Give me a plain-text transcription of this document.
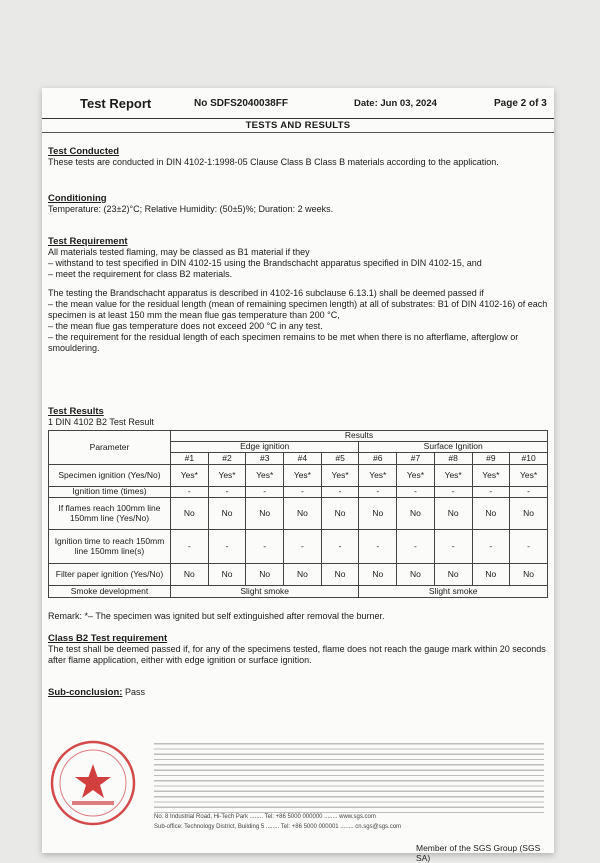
Test Report	No SDFS2040038FF	Date: Jun 03, 2024	Page 2 of 3
TESTS AND RESULTS
Test Conducted

These tests are conducted in DIN 4102-1:1998-05 Clause Class B Class B materials according to the application.

Conditioning

Temperature: (23±2)°C; Relative Humidity: (50±5)%; Duration: 2 weeks.

Test Requirement

All materials tested flaming, may be classed as B1 material if they

– withstand to test specified in DIN 4102-15 using the Brandschacht apparatus specified in DIN 4102-15, and

– meet the requirement for class B2 materials.

The testing the Brandschacht apparatus is described in 4102-16 subclause 6.13.1) shall be deemed passed if

– the mean value for the residual length (mean of remaining specimen length) at all of substrates: B1 of DIN 4102-16) of each specimen is at least 150 mm the mean flue gas temperature than 200 °C,

– the mean flue gas temperature does not exceed 200 °C in any test.

– the requirement for the residual length of each specimen remains to be met when there is no afterflame, afterglow or smouldering.

Test Results

1 DIN 4102 B2 Test Result

Parameter	Results									
	Edge ignition					Surface Ignition				
	#1	#2	#3	#4	#5	#6	#7	#8	#9	#10
Specimen ignition (Yes/No)	Yes*	Yes*	Yes*	Yes*	Yes*	Yes*	Yes*	Yes*	Yes*	Yes*
Ignition time (times)	-	-	-	-	-	-	-	-	-	-
If flames reach 100mm line 150mm line (Yes/No)	No	No	No	No	No	No	No	No	No	No
Ignition time to reach 150mm line 150mm line(s)	-	-	-	-	-	-	-	-	-	-
Filter paper ignition (Yes/No)	No	No	No	No	No	No	No	No	No	No
Smoke development	Slight smoke					Slight smoke				
Remark: *– The specimen was ignited but self extinguished after removal the burner.
Class B2 Test requirement

The test shall be deemed passed if, for any of the specimens tested, flame does not reach the gauge mark within 20 seconds after flame application, either with edge ignition or surface ignition.

Sub-conclusion: Pass
No. 8 Industrial Road, Hi-Tech Park ........ Tel: +86 5000 000000 ........ www.sgs.com
Sub-office: Technology District, Building 5 ........ Tel: +86 5000 000001 ........ cn.sgs@sgs.com
Member of the SGS Group (SGS SA)
